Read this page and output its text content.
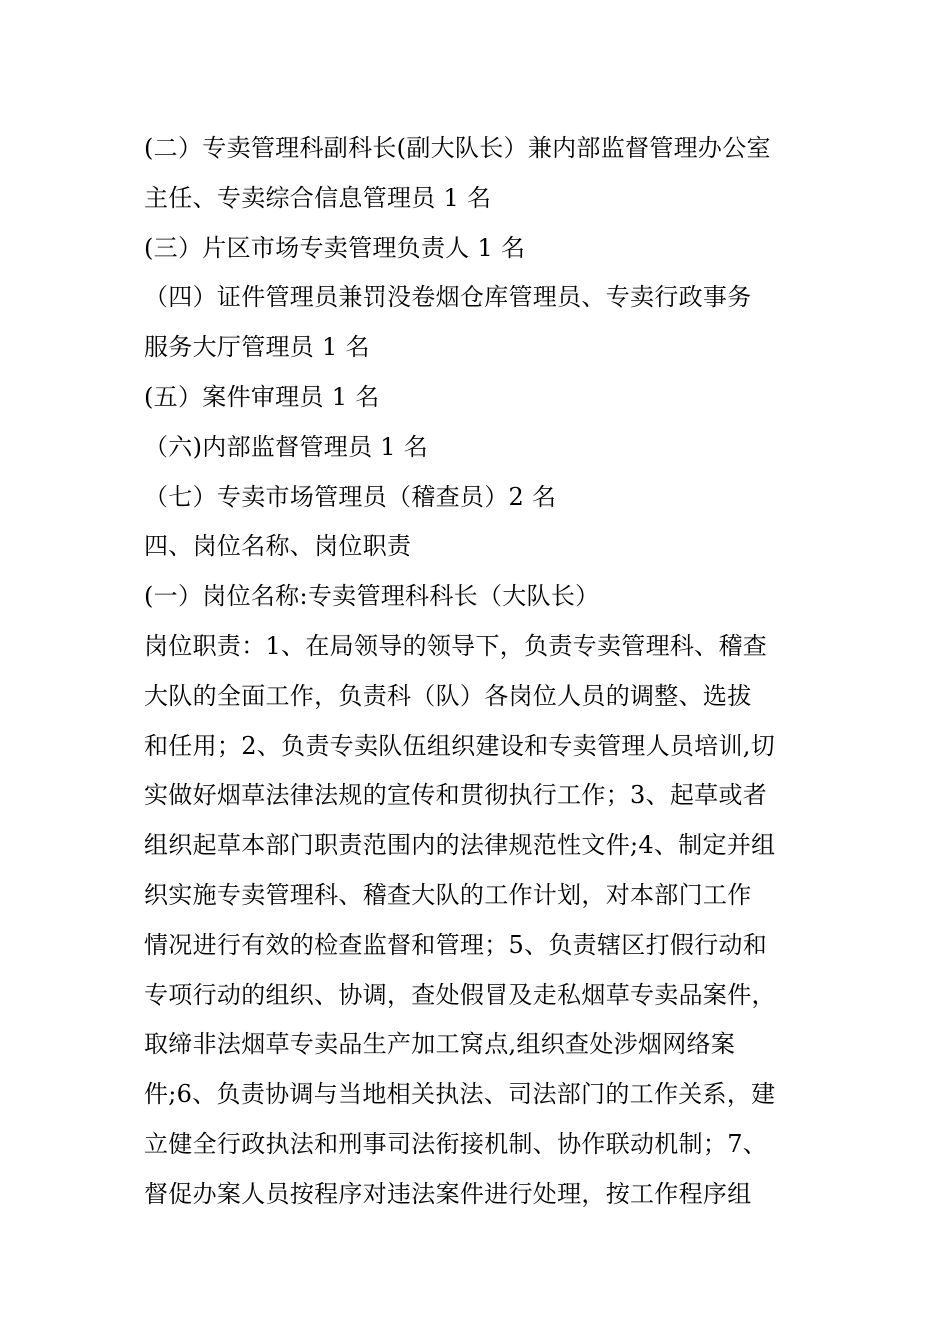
(二）专卖管理科副科长(副大队长）兼内部监督管理办公室
主任、专卖综合信息管理员 1 名
(三）片区市场专卖管理负责人 1 名
（四）证件管理员兼罚没卷烟仓库管理员、专卖行政事务
服务大厅管理员 1 名
(五）案件审理员 1 名
（六)内部监督管理员 1 名
（七）专卖市场管理员（稽查员）2 名
四、岗位名称、岗位职责
(一）岗位名称:专卖管理科科长（大队长）
岗位职责：1、在局领导的领导下，负责专卖管理科、稽查
大队的全面工作，负责科（队）各岗位人员的调整、选拔
和任用；2、负责专卖队伍组织建设和专卖管理人员培训,切
实做好烟草法律法规的宣传和贯彻执行工作；3、起草或者
组织起草本部门职责范围内的法律规范性文件;4、制定并组
织实施专卖管理科、稽查大队的工作计划，对本部门工作
情况进行有效的检查监督和管理；5、负责辖区打假行动和
专项行动的组织、协调，查处假冒及走私烟草专卖品案件，
取缔非法烟草专卖品生产加工窝点,组织查处涉烟网络案
件;6、负责协调与当地相关执法、司法部门的工作关系，建
立健全行政执法和刑事司法衔接机制、协作联动机制；7、
督促办案人员按程序对违法案件进行处理，按工作程序组
